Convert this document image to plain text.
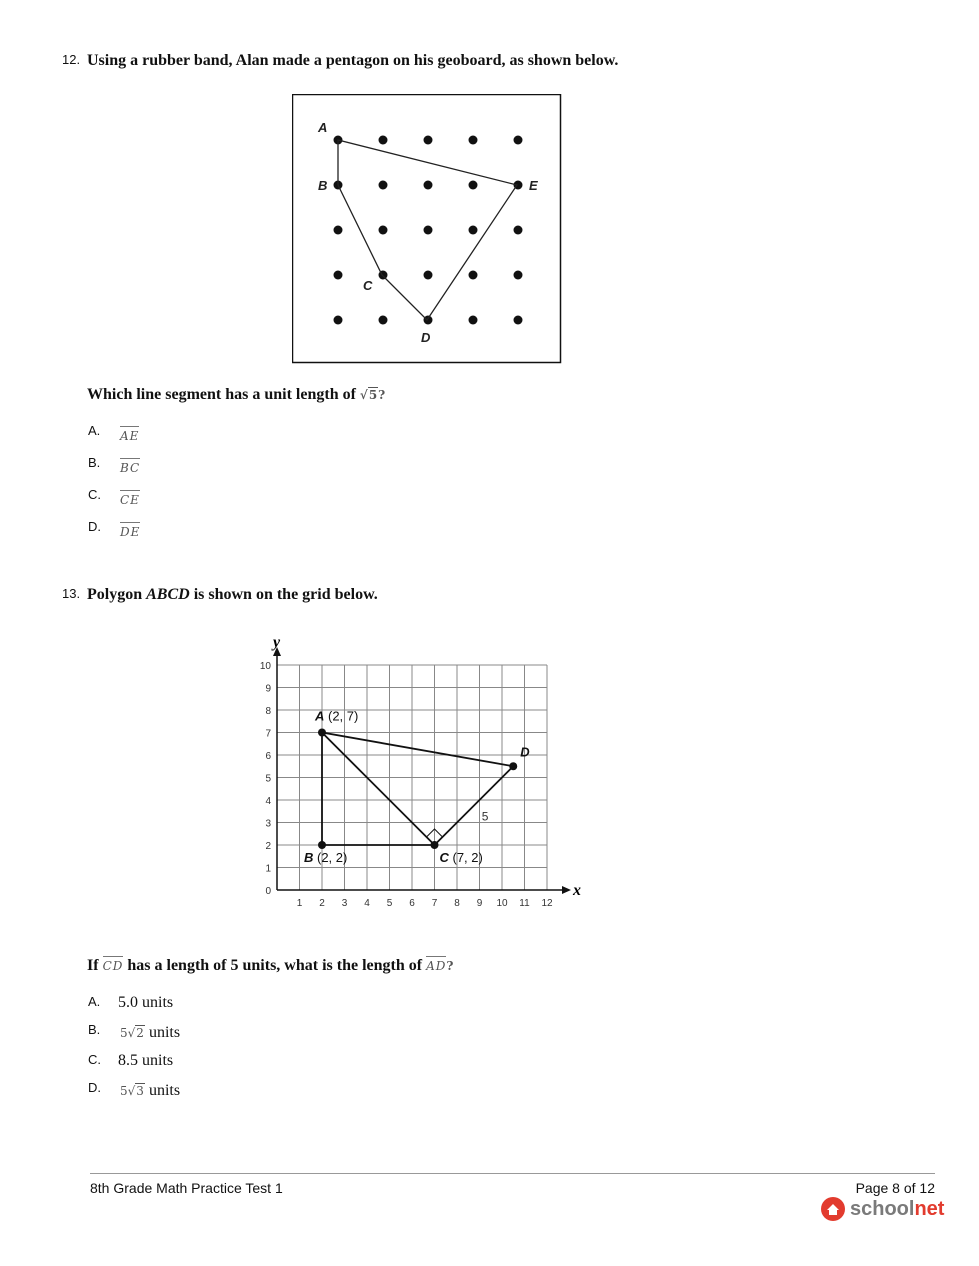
12. Using a rubber band, Alan made a pentagon on his geoboard, as shown below.
A
B
C
D
E
Which line segment has a unit length of √5?
A. AE
B. BC
C. CE
D. DE
13. Polygon ABCD is shown on the grid below.
1 2 3 4 5 6 7 8 9 10 11 12
0
1
2
3
4
5
6
7
8
9
10
A (2, 7)
B (2, 2)	C (7, 2)
D
x
y
5
If CD has a length of 5 units, what is the length of AD?
A. 5.0 units
B. 5√2 units
C. 8.5 units
D. 5√3 units
8th Grade Math Practice Test 1	Page 8 of 12
school net
